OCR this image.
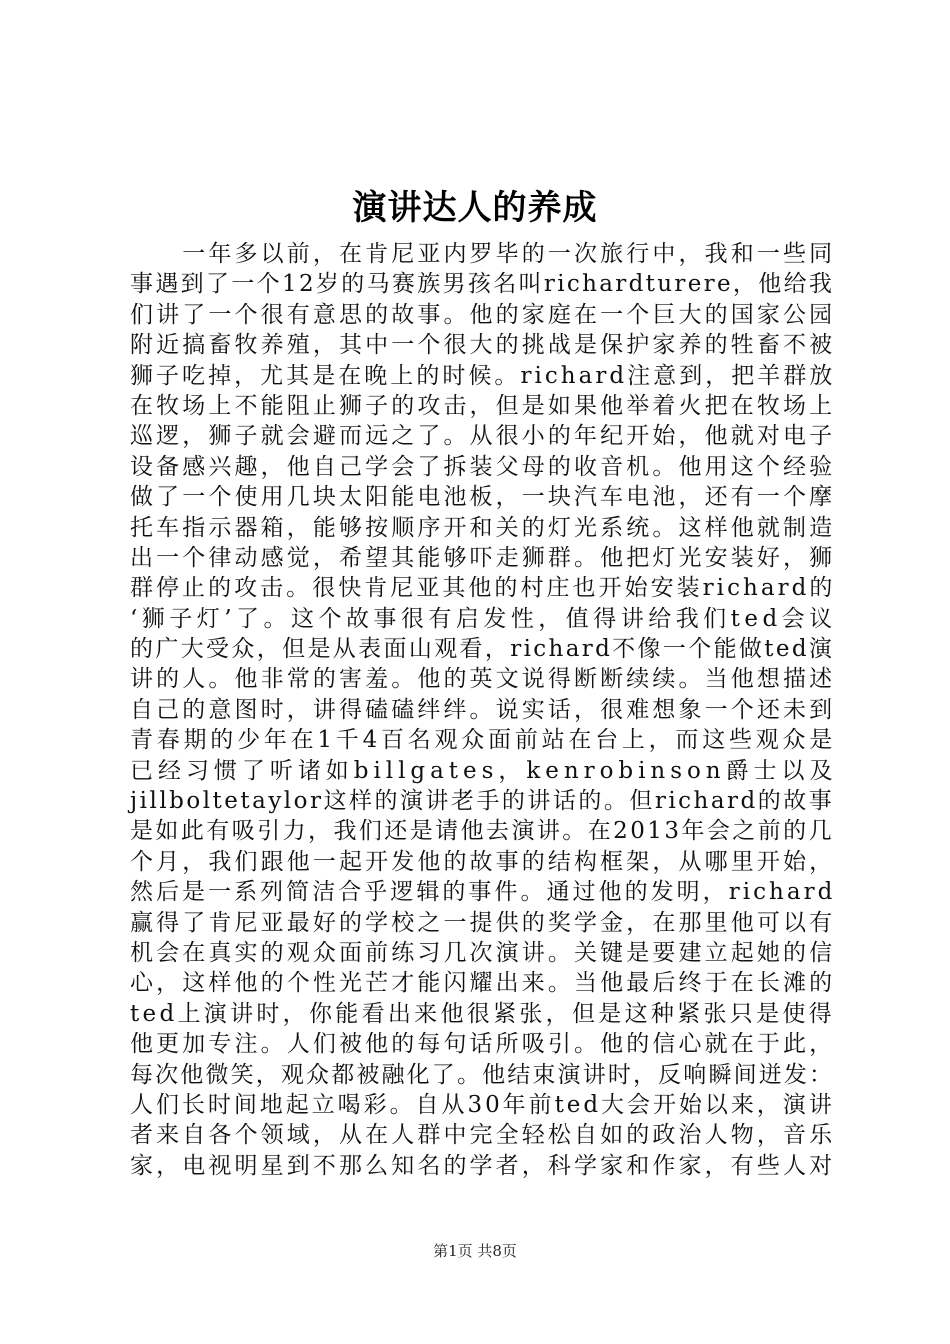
演讲达人的养成
　　一年多以前，在肯尼亚内罗毕的一次旅行中，我和一些同
事遇到了一个12岁的马赛族男孩名叫richardturere，他给我
们讲了一个很有意思的故事。他的家庭在一个巨大的国家公园
附近搞畜牧养殖，其中一个很大的挑战是保护家养的牲畜不被
狮子吃掉，尤其是在晚上的时候。richard注意到，把羊群放
在牧场上不能阻止狮子的攻击，但是如果他举着火把在牧场上
巡逻，狮子就会避而远之了。从很小的年纪开始，他就对电子
设备感兴趣，他自己学会了拆装父母的收音机。他用这个经验
做了一个使用几块太阳能电池板，一块汽车电池，还有一个摩
托车指示器箱，能够按顺序开和关的灯光系统。这样他就制造
出一个律动感觉，希望其能够吓走狮群。他把灯光安装好，狮
群停止的攻击。很快肯尼亚其他的村庄也开始安装richard的
‘狮子灯’了。这个故事很有启发性，值得讲给我们ted会议
的广大受众，但是从表面山观看，richard不像一个能做ted演
讲的人。他非常的害羞。他的英文说得断断续续。当他想描述
自己的意图时，讲得磕磕绊绊。说实话，很难想象一个还未到
青春期的少年在1千4百名观众面前站在台上，而这些观众是
已经习惯了听诸如billgates，kenrobinson爵士以及
jillboltetaylor这样的演讲老手的讲话的。但richard的故事
是如此有吸引力，我们还是请他去演讲。在2013年会之前的几
个月，我们跟他一起开发他的故事的结构框架，从哪里开始，
然后是一系列简洁合乎逻辑的事件。通过他的发明，richard
赢得了肯尼亚最好的学校之一提供的奖学金，在那里他可以有
机会在真实的观众面前练习几次演讲。关键是要建立起她的信
心，这样他的个性光芒才能闪耀出来。当他最后终于在长滩的
ted上演讲时，你能看出来他很紧张，但是这种紧张只是使得
他更加专注。人们被他的每句话所吸引。他的信心就在于此，
每次他微笑，观众都被融化了。他结束演讲时，反响瞬间迸发：
人们长时间地起立喝彩。自从30年前ted大会开始以来，演讲
者来自各个领域，从在人群中完全轻松自如的政治人物，音乐
家，电视明星到不那么知名的学者，科学家和作家，有些人对
第1页 共8页
